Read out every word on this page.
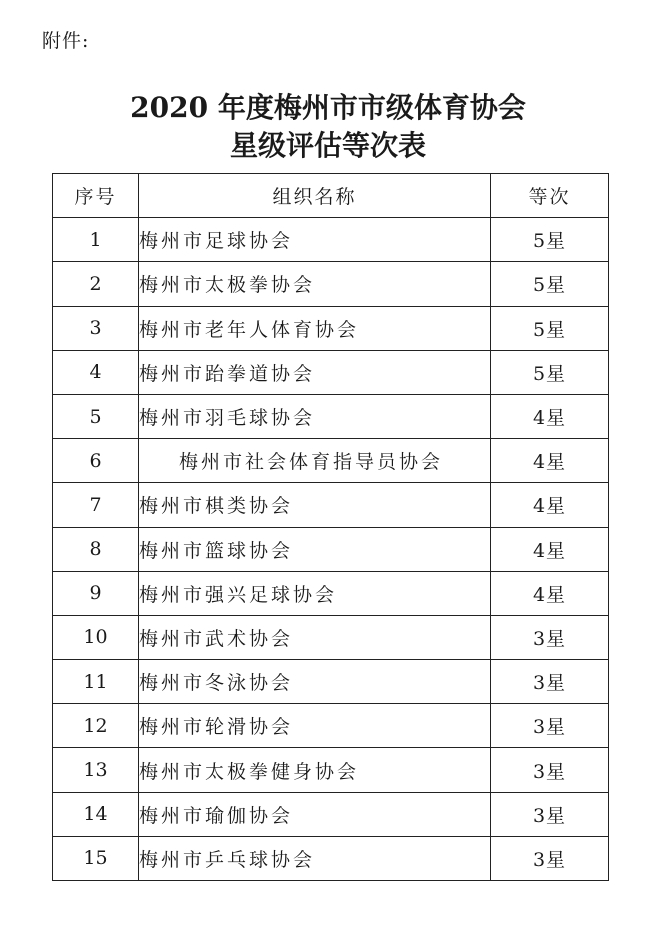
附件:
2020 年度梅州市市级体育协会
星级评估等次表
序号	组织名称	等次
1	梅州市足球协会	5星
2	梅州市太极拳协会	5星
3	梅州市老年人体育协会	5星
4	梅州市跆拳道协会	5星
5	梅州市羽毛球协会	4星
6	梅州市社会体育指导员协会	4星
7	梅州市棋类协会	4星
8	梅州市篮球协会	4星
9	梅州市强兴足球协会	4星
10	梅州市武术协会	3星
11	梅州市冬泳协会	3星
12	梅州市轮滑协会	3星
13	梅州市太极拳健身协会	3星
14	梅州市瑜伽协会	3星
15	梅州市乒乓球协会	3星
